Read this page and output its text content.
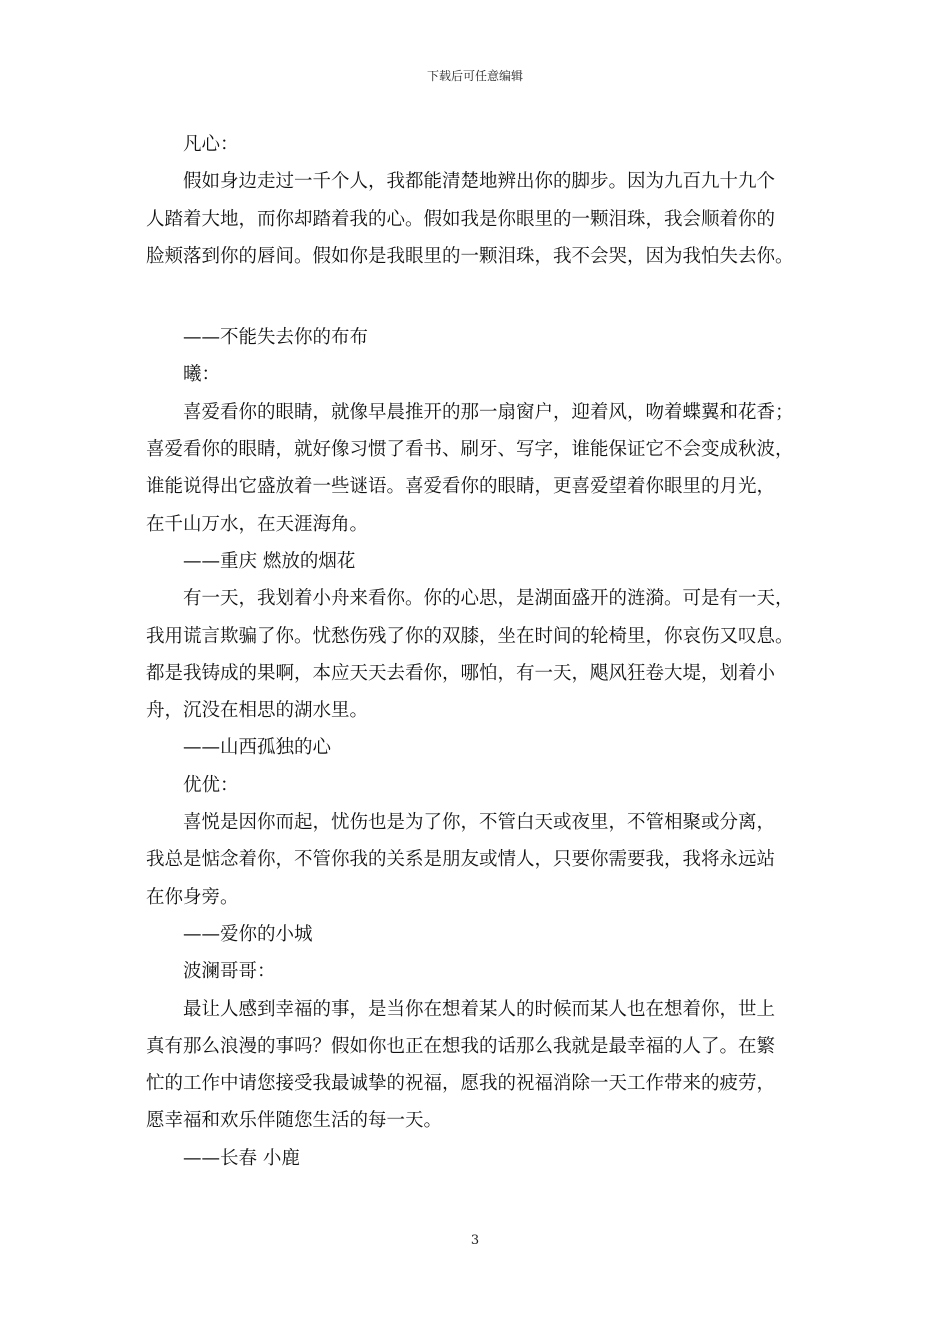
下载后可任意编辑
凡心：
假如身边走过一千个人，我都能清楚地辨出你的脚步。因为九百九十九个
人踏着大地，而你却踏着我的心。假如我是你眼里的一颗泪珠，我会顺着你的
脸颊落到你的唇间。假如你是我眼里的一颗泪珠，我不会哭，因为我怕失去你。
——不能失去你的布布
曦：
喜爱看你的眼睛，就像早晨推开的那一扇窗户，迎着风，吻着蝶翼和花香；
喜爱看你的眼睛，就好像习惯了看书、刷牙、写字，谁能保证它不会变成秋波，
谁能说得出它盛放着一些谜语。喜爱看你的眼睛，更喜爱望着你眼里的月光，
在千山万水，在天涯海角。
——重庆 燃放的烟花
有一天，我划着小舟来看你。你的心思，是湖面盛开的涟漪。可是有一天，
我用谎言欺骗了你。忧愁伤残了你的双膝，坐在时间的轮椅里，你哀伤又叹息。
都是我铸成的果啊，本应天天去看你，哪怕，有一天，飓风狂卷大堤，划着小
舟，沉没在相思的湖水里。
——山西孤独的心
优优：
喜悦是因你而起，忧伤也是为了你，不管白天或夜里，不管相聚或分离，
我总是惦念着你，不管你我的关系是朋友或情人，只要你需要我，我将永远站
在你身旁。
——爱你的小城
波澜哥哥：
最让人感到幸福的事，是当你在想着某人的时候而某人也在想着你，世上
真有那么浪漫的事吗？假如你也正在想我的话那么我就是最幸福的人了。在繁
忙的工作中请您接受我最诚挚的祝福，愿我的祝福消除一天工作带来的疲劳，
愿幸福和欢乐伴随您生活的每一天。
——长春 小鹿
3
